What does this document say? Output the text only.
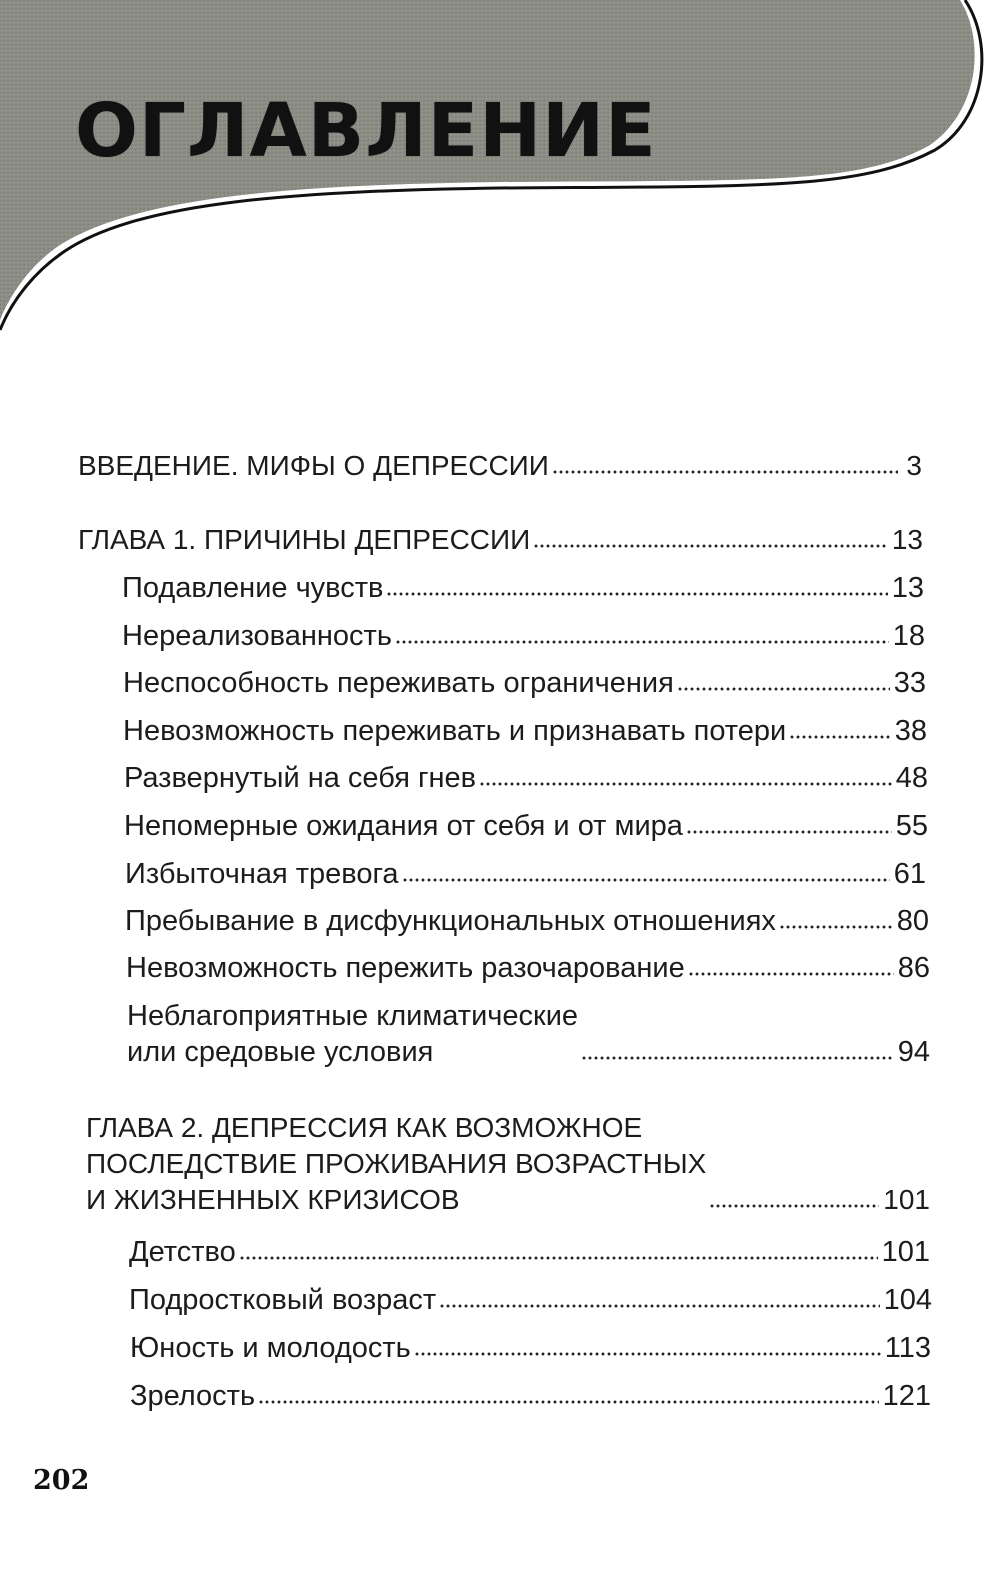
ОГЛАВЛЕНИЕ
ВВЕДЕНИЕ. МИФЫ О ДЕПРЕССИИ	3
ГЛАВА 1. ПРИЧИНЫ ДЕПРЕССИИ	13
Подавление чувств	13
Нереализованность	18
Неспособность переживать ограничения	33
Невозможность переживать и признавать потери	38
Развернутый на себя гнев	48
Непомерные ожидания от себя и от мира	55
Избыточная тревога	61
Пребывание в дисфункциональных отношениях	80
Невозможность пережить разочарование	86
Неблагоприятные климатические
или средовые условия	94
ГЛАВА 2. ДЕПРЕССИЯ КАК ВОЗМОЖНОЕ
ПОСЛЕДСТВИЕ ПРОЖИВАНИЯ ВОЗРАСТНЫХ
И ЖИЗНЕННЫХ КРИЗИСОВ	101
Детство	101
Подростковый возраст	104
Юность и молодость	113
Зрелость	121

202
